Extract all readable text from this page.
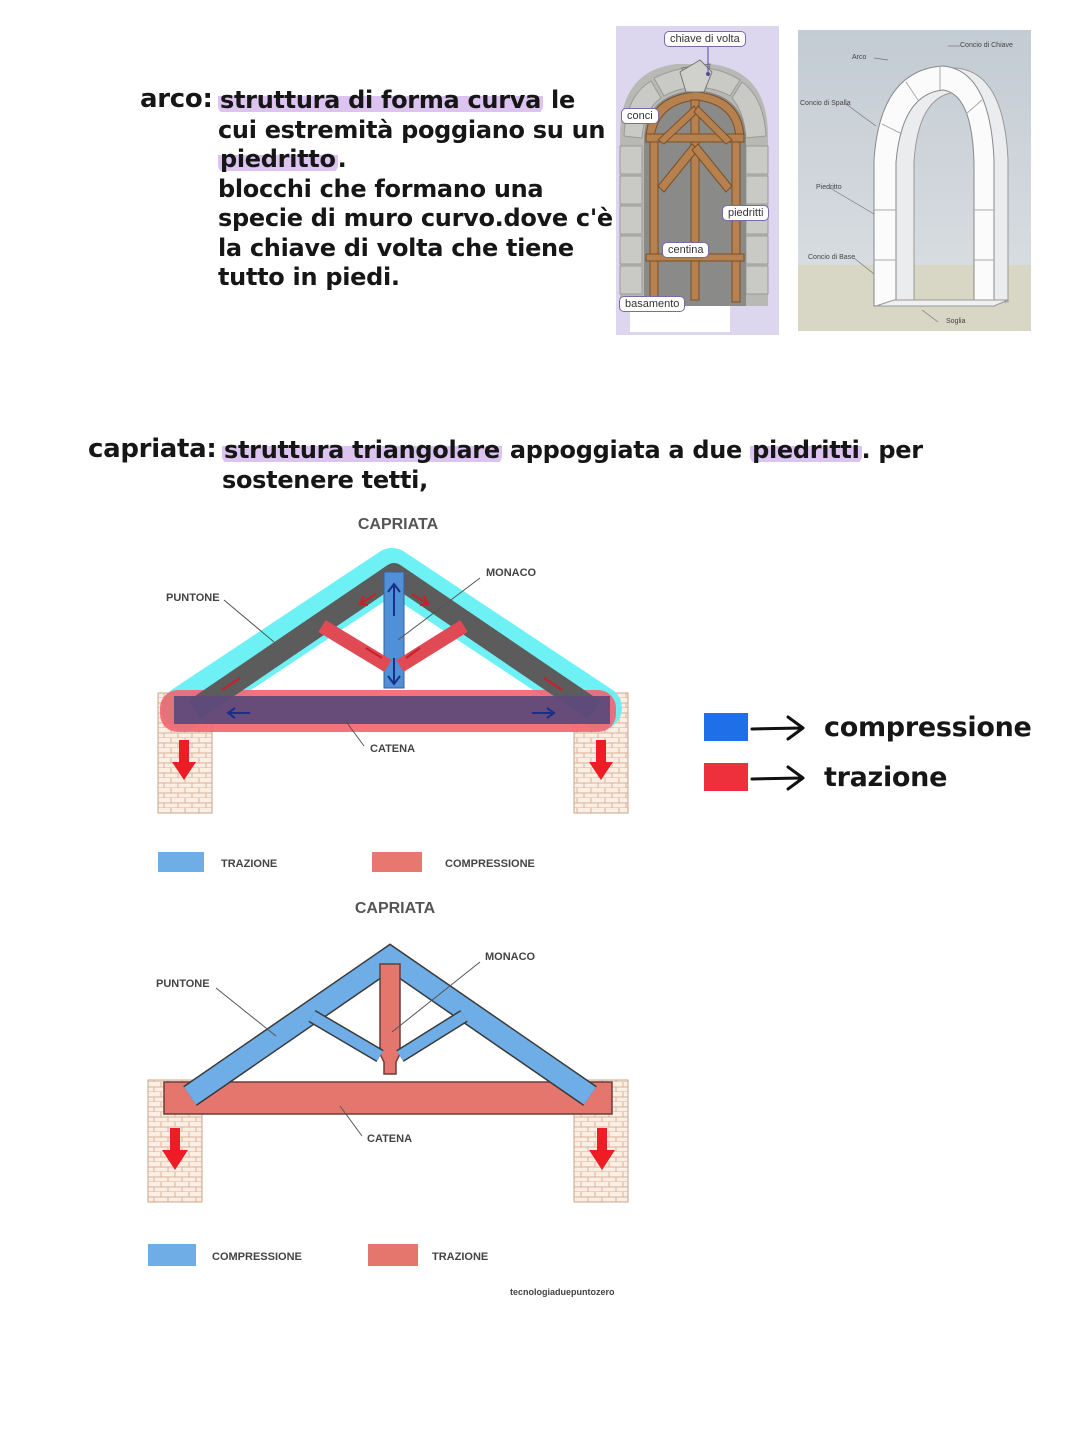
arco: struttura di forma curva le cui estremità poggiano su un piedritto.
blocchi che formano una specie di muro curvo.dove c'è la chiave di volta che tiene tutto in piedi.
chiave di volta
conci
piedritti
centina
basamento
Arco
Concio di Chiave
Concio di Spalla
Piedritto
Concio di Base
Soglia
capriata: struttura triangolare appoggiata a due piedritti. per sostenere tetti,
CAPRIATA
PUNTONE
MONACO
CATENA
TRAZIONE	COMPRESSIONE
CAPRIATA
PUNTONE
MONACO
CATENA
COMPRESSIONE	TRAZIONE
tecnologiaduepuntozero
compressione
trazione
